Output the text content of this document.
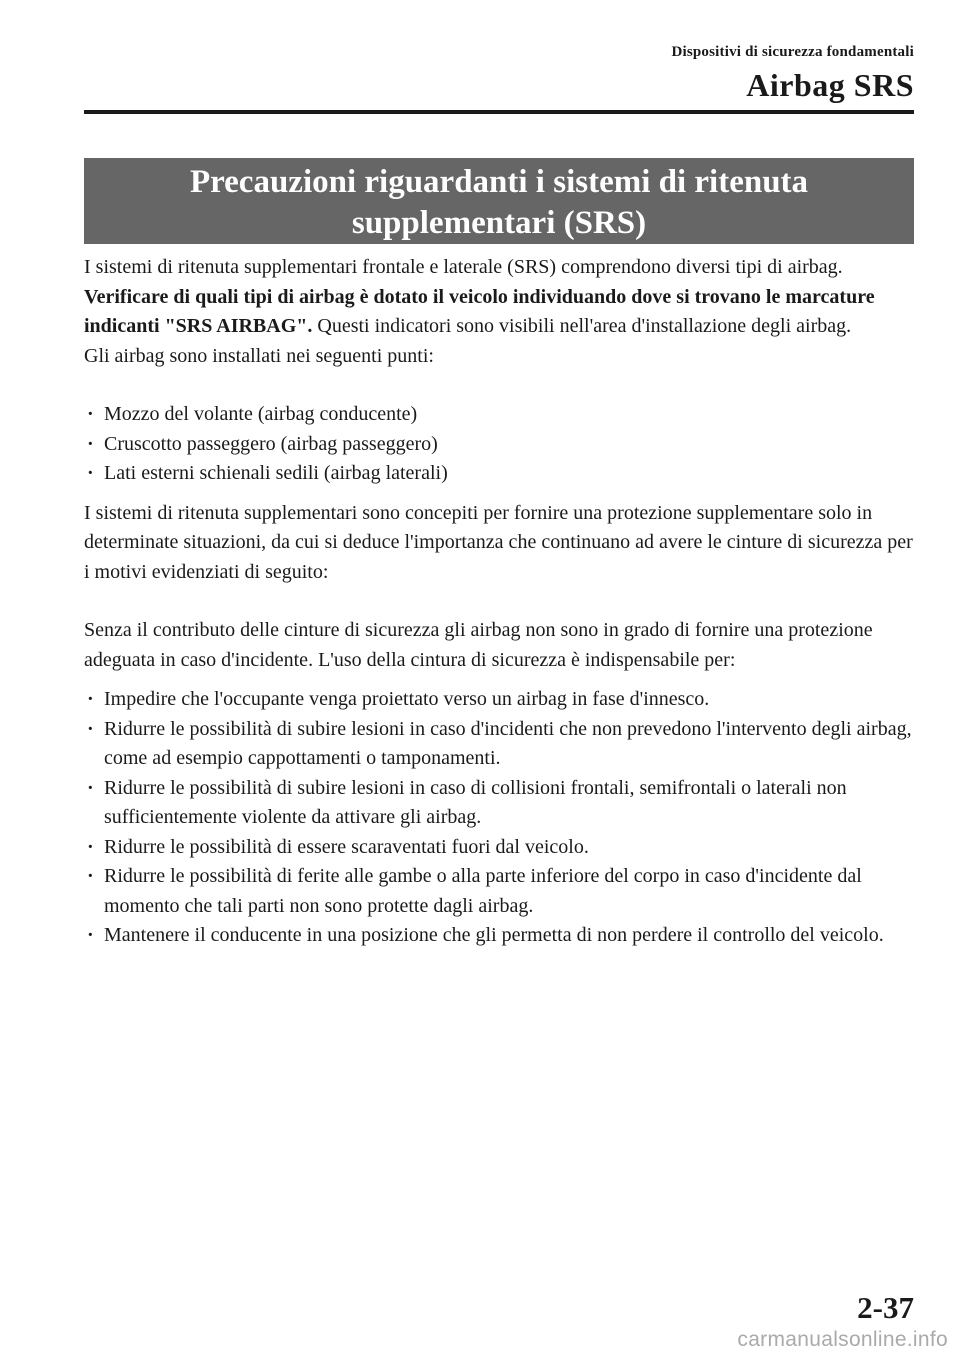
Dispositivi di sicurezza fondamentali
Airbag SRS
Precauzioni riguardanti i sistemi di ritenuta
supplementari (SRS)

I sistemi di ritenuta supplementari frontale e laterale (SRS) comprendono diversi tipi di airbag. Verificare di quali tipi di airbag è dotato il veicolo individuando dove si trovano le marcature indicanti "SRS AIRBAG". Questi indicatori sono visibili nell'area d'installazione degli airbag.

Gli airbag sono installati nei seguenti punti:

· Mozzo del volante (airbag conducente)
· Cruscotto passeggero (airbag passeggero)
· Lati esterni schienali sedili (airbag laterali)

I sistemi di ritenuta supplementari sono concepiti per fornire una protezione supplementare solo in determinate situazioni, da cui si deduce l'importanza che continuano ad avere le cinture di sicurezza per i motivi evidenziati di seguito:

Senza il contributo delle cinture di sicurezza gli airbag non sono in grado di fornire una protezione adeguata in caso d'incidente. L'uso della cintura di sicurezza è indispensabile per:

· Impedire che l'occupante venga proiettato verso un airbag in fase d'innesco.
· Ridurre le possibilità di subire lesioni in caso d'incidenti che non prevedono l'intervento degli airbag, come ad esempio cappottamenti o tamponamenti.
· Ridurre le possibilità di subire lesioni in caso di collisioni frontali, semifrontali o laterali non sufficientemente violente da attivare gli airbag.
· Ridurre le possibilità di essere scaraventati fuori dal veicolo.
· Ridurre le possibilità di ferite alle gambe o alla parte inferiore del corpo in caso d'incidente dal momento che tali parti non sono protette dagli airbag.
· Mantenere il conducente in una posizione che gli permetta di non perdere il controllo del veicolo.
2-37
carmanualsonline.info
